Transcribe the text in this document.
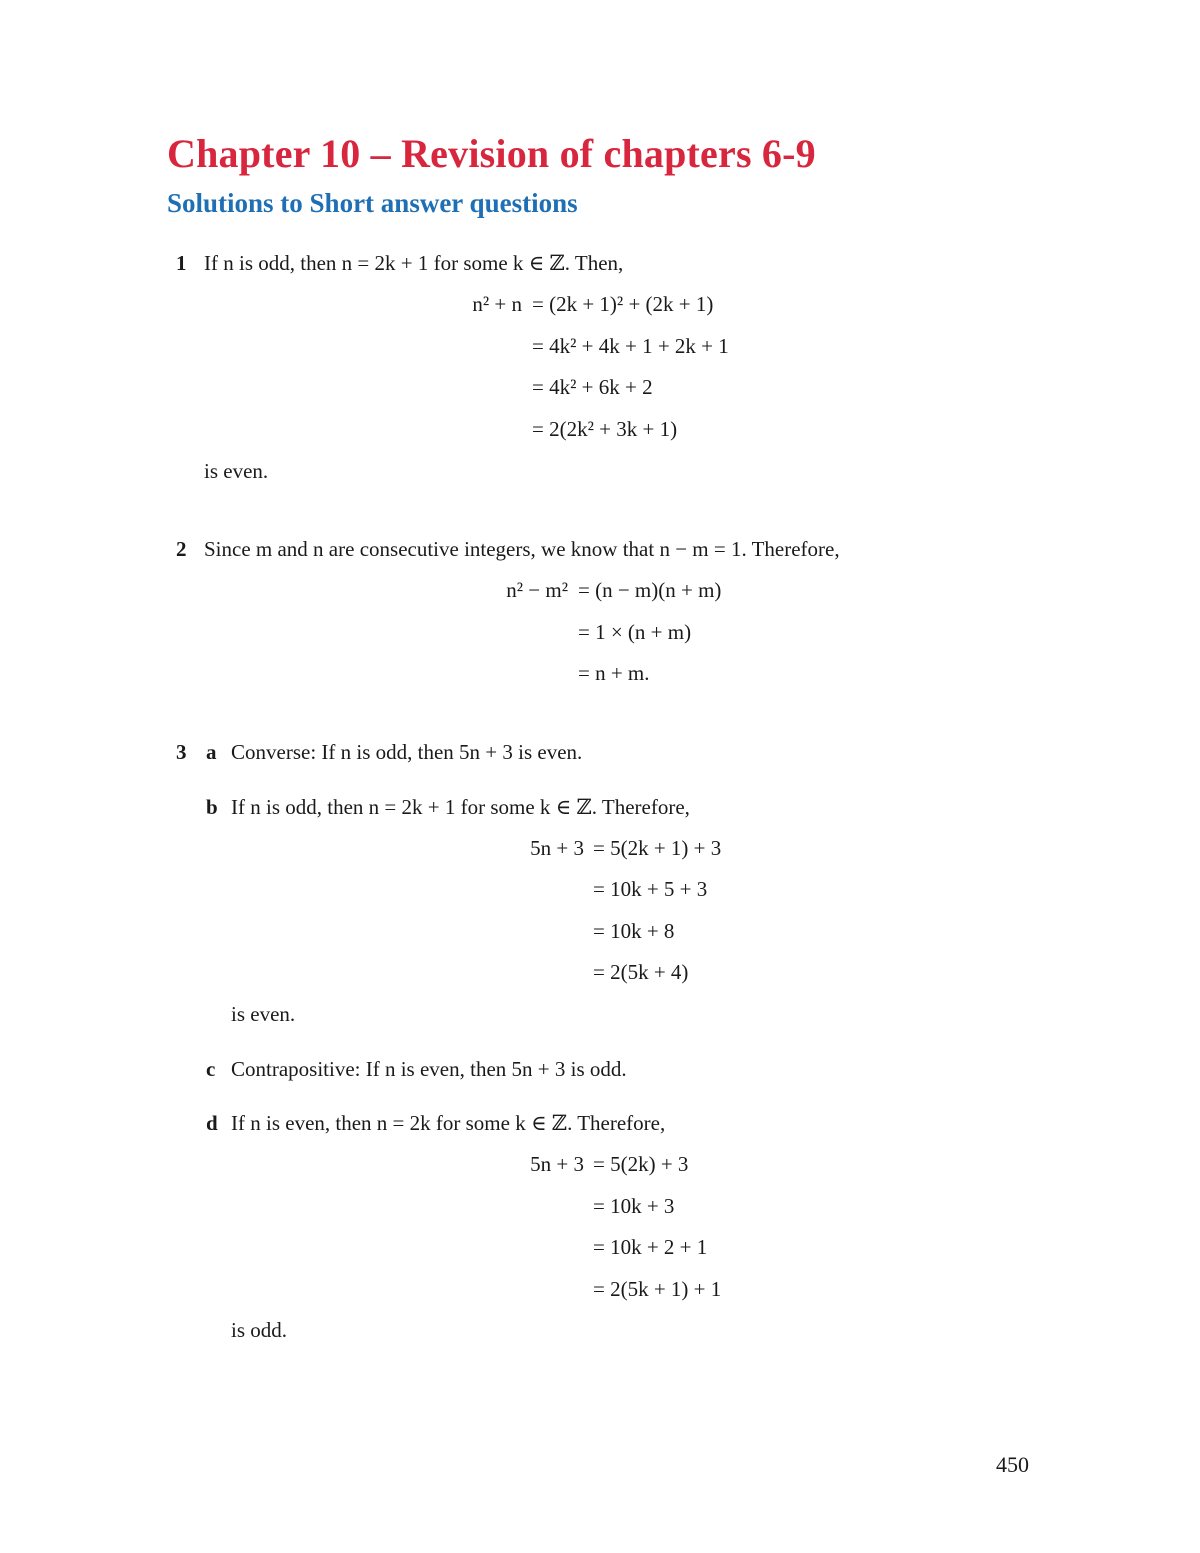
Chapter 10 – Revision of chapters 6-9
Solutions to Short answer questions
1 If n is odd, then n = 2k + 1 for some k ∈ ℤ. Then,
n² + n = (2k + 1)² + (2k + 1)
= 4k² + 4k + 1 + 2k + 1
= 4k² + 6k + 2
= 2(2k² + 3k + 1)
is even.
2 Since m and n are consecutive integers, we know that n − m = 1. Therefore,
n² − m² = (n − m)(n + m)
= 1 × (n + m)
= n + m.
3 a Converse: If n is odd, then 5n + 3 is even.
b If n is odd, then n = 2k + 1 for some k ∈ ℤ. Therefore,
5n + 3 = 5(2k + 1) + 3
= 10k + 5 + 3
= 10k + 8
= 2(5k + 4)
is even.
c Contrapositive: If n is even, then 5n + 3 is odd.
d If n is even, then n = 2k for some k ∈ ℤ. Therefore,
5n + 3 = 5(2k) + 3
= 10k + 3
= 10k + 2 + 1
= 2(5k + 1) + 1
is odd.
450
